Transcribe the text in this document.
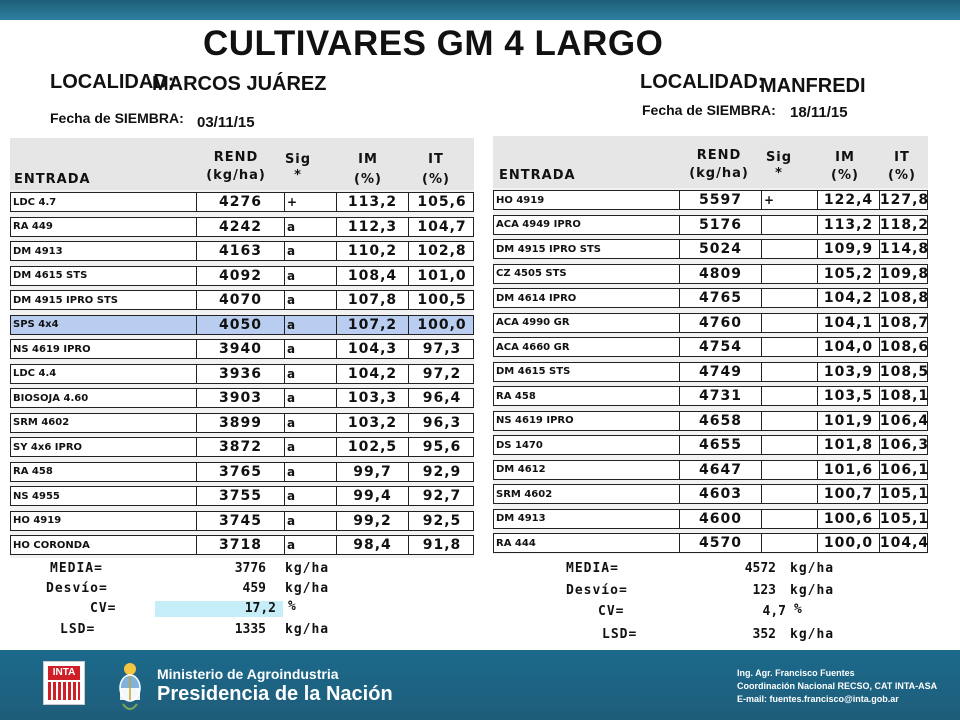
CULTIVARES GM 4 LARGO
LOCALIDAD:
MARCOS JUÁREZ
Fecha de SIEMBRA: 03/11/15
ENTRADA
REND
(kg/ha)
Sig
*
IM
(%)
IT
(%)
LDC 4.7	4276	+	113,2	105,6
RA 449	4242	a	112,3	104,7
DM 4913	4163	a	110,2	102,8
DM 4615 STS	4092	a	108,4	101,0
DM 4915 IPRO STS	4070	a	107,8	100,5
SPS 4x4	4050	a	107,2	100,0
NS 4619 IPRO	3940	a	104,3	97,3
LDC 4.4	3936	a	104,2	97,2
BIOSOJA 4.60	3903	a	103,3	96,4
SRM 4602	3899	a	103,2	96,3
SY 4x6 IPRO	3872	a	102,5	95,6
RA 458	3765	a	99,7	92,9
NS 4955	3755	a	99,4	92,7
HO 4919	3745	a	99,2	92,5
HO CORONDA	3718	a	98,4	91,8
MEDIA=	3776 kg/ha
Desvío=	459 kg/ha
CV=	17,2 %
LSD=	1335 kg/ha
LOCALIDAD:
MANFREDI
Fecha de SIEMBRA: 18/11/15
ENTRADA
REND
(kg/ha)
Sig
*
IM
(%)
IT
(%)
HO 4919	5597	+	122,4 127,8
ACA 4949 IPRO	5176	113,2 118,2
DM 4915 IPRO STS	5024	109,9 114,8
CZ 4505 STS	4809	105,2 109,8
DM 4614 IPRO	4765	104,2 108,8
ACA 4990 GR	4760	104,1 108,7
ACA 4660 GR	4754	104,0 108,6
DM 4615 STS	4749	103,9 108,5
RA 458	4731	103,5 108,1
NS 4619 IPRO	4658	101,9 106,4
DS 1470	4655	101,8 106,3
DM 4612	4647	101,6 106,1
SRM 4602	4603	100,7 105,1
DM 4913	4600	100,6 105,1
RA 444	4570	100,0 104,4
MEDIA=	4572 kg/ha
Desvío=	123 kg/ha
CV=	4,7 %
LSD=	352 kg/ha
INTA	Ministerio de Agroindustria
Presidencia de la Nación
Ing. Agr. Francisco Fuentes
Coordinación Nacional RECSO, CAT INTA-ASA
E-mail: fuentes.francisco@inta.gob.ar
